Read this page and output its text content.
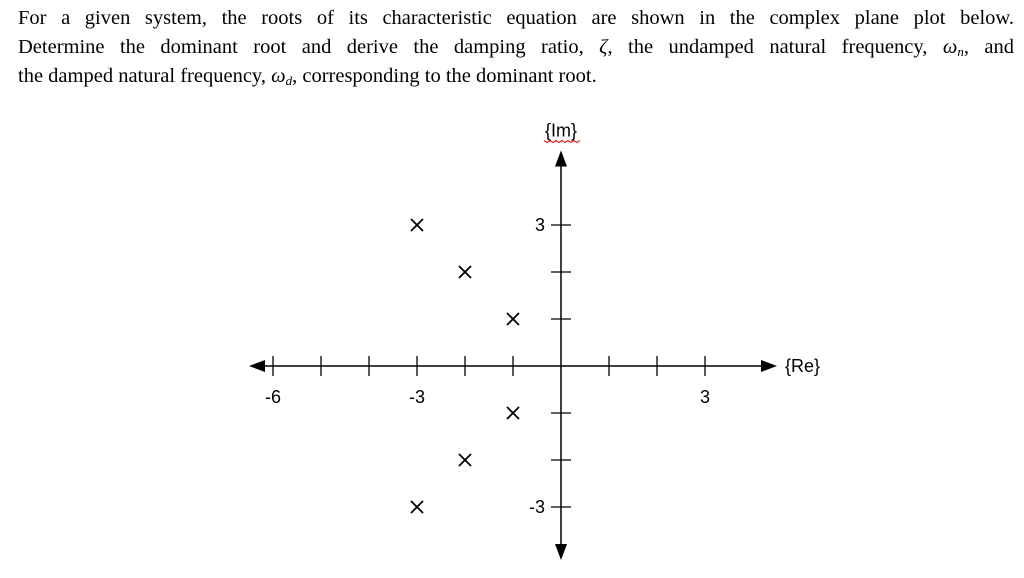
For a given system, the roots of its characteristic equation are shown in the complex plane plot below.
Determine the dominant root and derive the damping ratio, ζ, the undamped natural frequency, $\omega_n$, and
the damped natural frequency, $\omega_d$, corresponding to the dominant root.
{Re}
{Im}
-6	-3	3
3
-3
